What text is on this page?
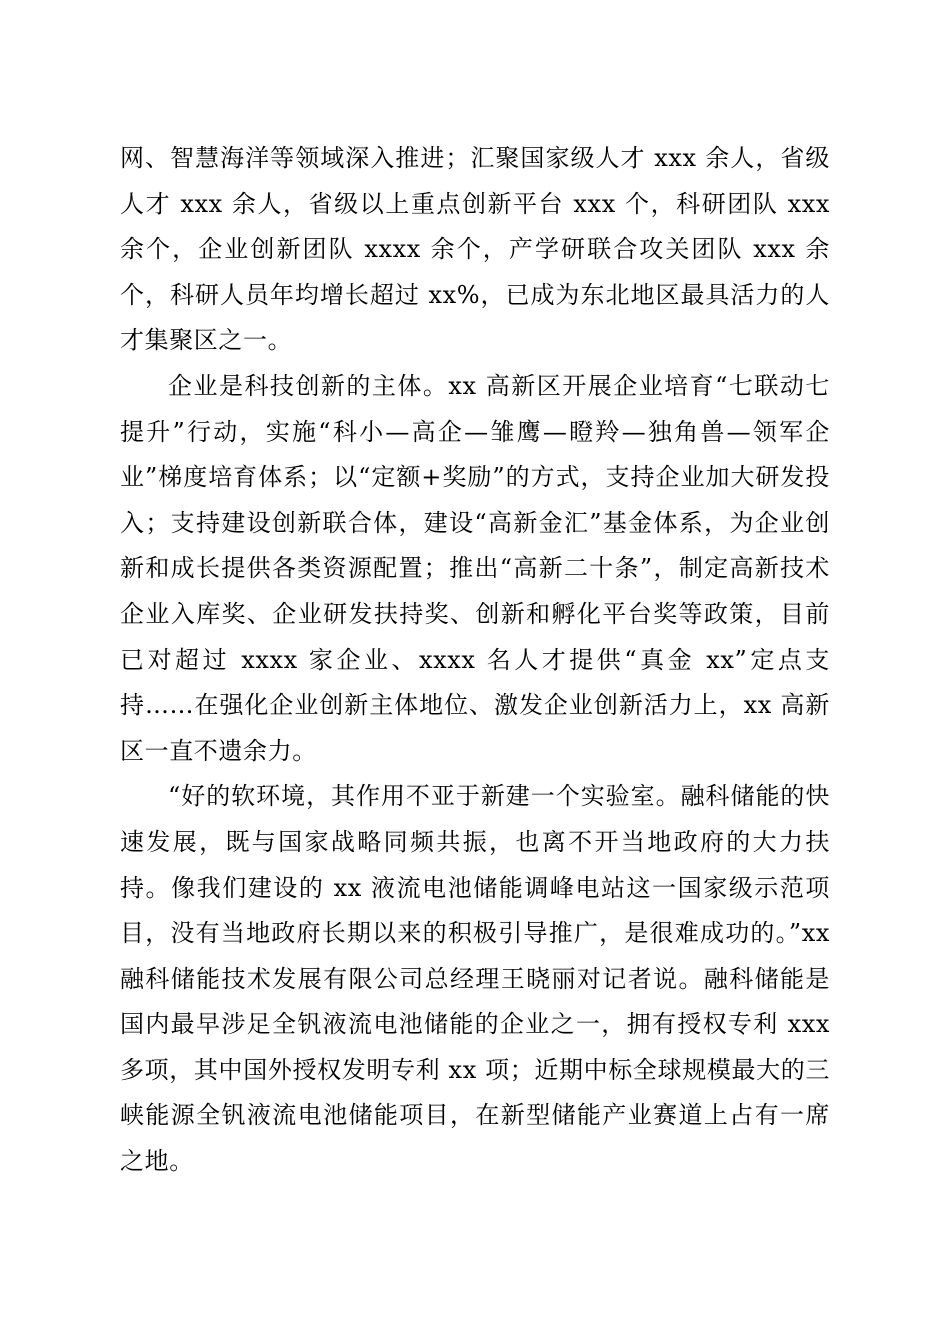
网、智慧海洋等领域深入推进；汇聚国家级人才 xxx 余人，省级人才 xxx 余人，省级以上重点创新平台 xxx 个，科研团队 xxx 余个，企业创新团队 xxxx 余个，产学研联合攻关团队 xxx 余个，科研人员年均增长超过 xx%，已成为东北地区最具活力的人才集聚区之一。

企业是科技创新的主体。xx 高新区开展企业培育“七联动七提升”行动，实施“科小—高企—雏鹰—瞪羚—独角兽—领军企业”梯度培育体系；以“定额+奖励”的方式，支持企业加大研发投入；支持建设创新联合体，建设“高新金汇”基金体系，为企业创新和成长提供各类资源配置；推出“高新二十条”，制定高新技术企业入库奖、企业研发扶持奖、创新和孵化平台奖等政策，目前已对超过 xxxx 家企业、xxxx 名人才提供“真金 xx”定点支持……在强化企业创新主体地位、激发企业创新活力上，xx 高新区一直不遗余力。

“好的软环境，其作用不亚于新建一个实验室。融科储能的快速发展，既与国家战略同频共振，也离不开当地政府的大力扶持。像我们建设的 xx 液流电池储能调峰电站这一国家级示范项目，没有当地政府长期以来的积极引导推广，是很难成功的。”xx 融科储能技术发展有限公司总经理王晓丽对记者说。融科储能是国内最早涉足全钒液流电池储能的企业之一，拥有授权专利 xxx 多项，其中国外授权发明专利 xx 项；近期中标全球规模最大的三峡能源全钒液流电池储能项目，在新型储能产业赛道上占有一席之地。
